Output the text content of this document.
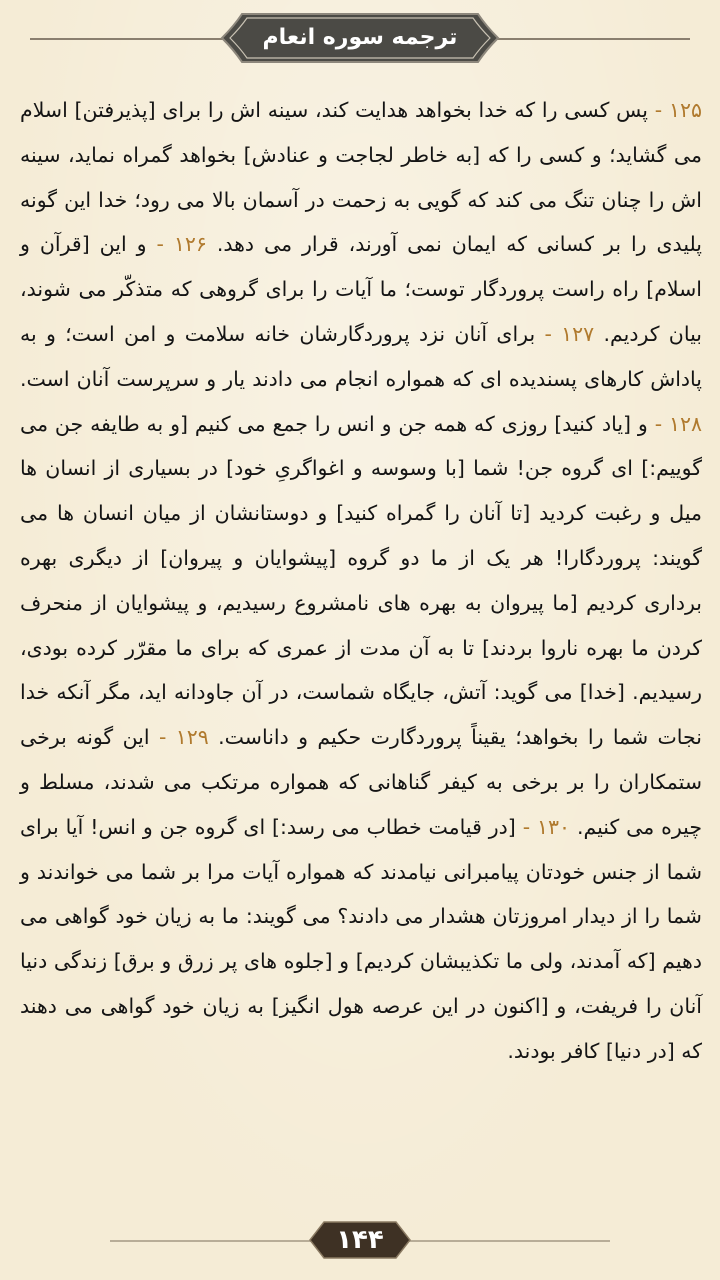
ترجمه سوره انعام

۱۲۵ - پس کسی را که خدا بخواهد هدایت کند، سینه اش را برای [پذیرفتن] اسلام می گشاید؛ و کسی را که [به خاطر لجاجت و عنادش] بخواهد گمراه نماید، سینه اش را چنان تنگ می کند که گویی به زحمت در آسمان بالا می رود؛ خدا این گونه پلیدی را بر کسانی که ایمان نمی آورند، قرار می دهد. ۱۲۶ - و این [قرآن و اسلام] راه راست پروردگار توست؛ ما آیات را برای گروهی که متذکّر می شوند، بیان کردیم. ۱۲۷ - برای آنان نزد پروردگارشان خانه سلامت و امن است؛ و به پاداش کارهای پسندیده ای که همواره انجام می دادند یار و سرپرست آنان است. ۱۲۸ - و [یاد کنید] روزی که همه جن و انس را جمع می کنیم [و به طایفه جن می گوییم:] ای گروه جن! شما [با وسوسه و اغواگریِ خود] در بسیاری از انسان ها میل و رغبت کردید [تا آنان را گمراه کنید] و دوستانشان از میان انسان ها می گویند: پروردگارا! هر یک از ما دو گروه [پیشوایان و پیروان] از دیگری بهره برداری کردیم [ما پیروان به بهره های نامشروع رسیدیم، و پیشوایان از منحرف کردن ما بهره ناروا بردند] تا به آن مدت از عمری که برای ما مقرّر کرده بودی، رسیدیم. [خدا] می گوید: آتش، جایگاه شماست، در آن جاودانه اید، مگر آنکه خدا نجات شما را بخواهد؛ یقیناً پروردگارت حکیم و داناست. ۱۲۹ - این گونه برخی ستمکاران را بر برخی به کیفر گناهانی که همواره مرتکب می شدند، مسلط و چیره می کنیم. ۱۳۰ - [در قیامت خطاب می رسد:] ای گروه جن و انس! آیا برای شما از جنس خودتان پیامبرانی نیامدند که همواره آیات مرا بر شما می خواندند و شما را از دیدار امروزتان هشدار می دادند؟ می گویند: ما به زیان خود گواهی می دهیم [که آمدند، ولی ما تکذیبشان کردیم] و [جلوه های پر زرق و برق] زندگی دنیا آنان را فریفت، و [اکنون در این عرصه هول انگیز] به زیان خود گواهی می دهند که [در دنیا] کافر بودند.

۱۴۴
